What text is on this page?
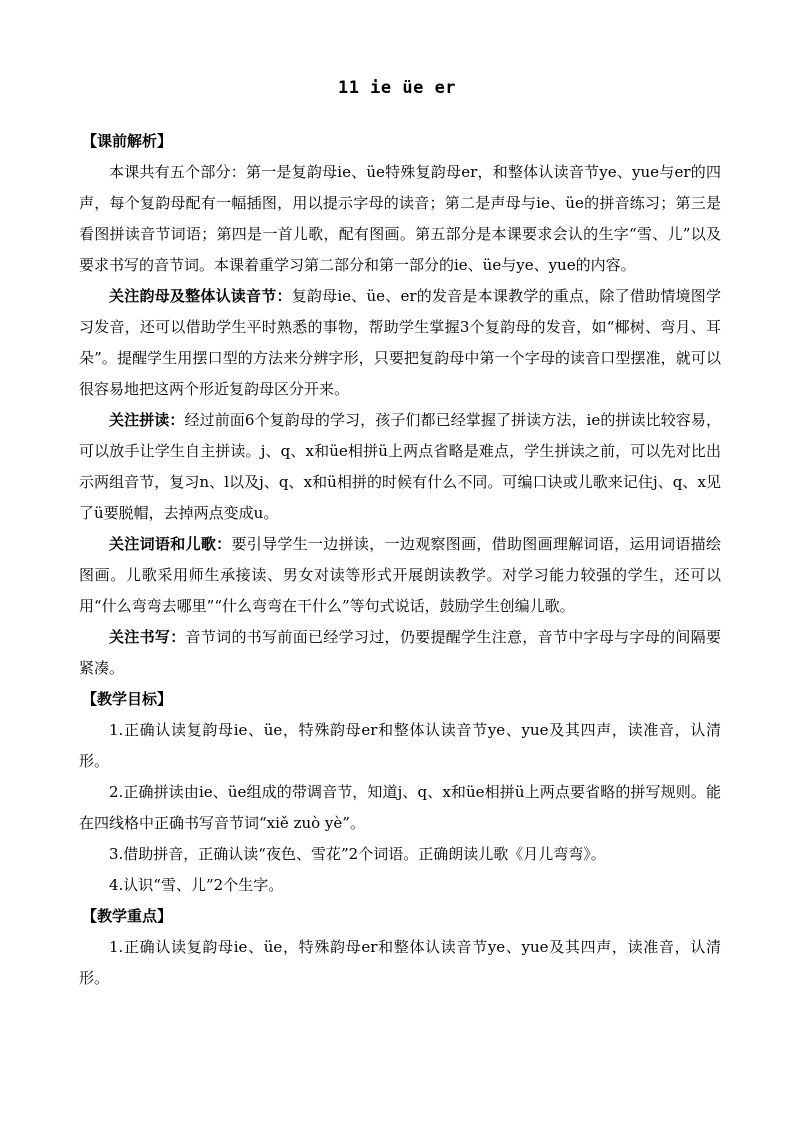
11 ie üe er

【课前解析】

本课共有五个部分：第一是复韵母ie、üe特殊复韵母er，和整体认读音节ye、yue与er的四声，每个复韵母配有一幅插图，用以提示字母的读音；第二是声母与ie、üe的拼音练习；第三是看图拼读音节词语；第四是一首儿歌，配有图画。第五部分是本课要求会认的生字“雪、儿”以及要求书写的音节词。本课着重学习第二部分和第一部分的ie、üe与ye、yue的内容。

关注韵母及整体认读音节：复韵母ie、üe、er的发音是本课教学的重点，除了借助情境图学习发音，还可以借助学生平时熟悉的事物，帮助学生掌握3个复韵母的发音，如“椰树、弯月、耳朵”。提醒学生用摆口型的方法来分辨字形，只要把复韵母中第一个字母的读音口型摆准，就可以很容易地把这两个形近复韵母区分开来。

关注拼读：经过前面6个复韵母的学习，孩子们都已经掌握了拼读方法，ie的拼读比较容易，可以放手让学生自主拼读。j、q、x和üe相拼ü上两点省略是难点，学生拼读之前，可以先对比出示两组音节，复习n、l以及j、q、x和ü相拼的时候有什么不同。可编口诀或儿歌来记住j、q、x见了ü要脱帽，去掉两点变成u。

关注词语和儿歌：要引导学生一边拼读，一边观察图画，借助图画理解词语，运用词语描绘图画。儿歌采用师生承接读、男女对读等形式开展朗读教学。对学习能力较强的学生，还可以用“什么弯弯去哪里”“什么弯弯在干什么”等句式说话，鼓励学生创编儿歌。

关注书写：音节词的书写前面已经学习过，仍要提醒学生注意，音节中字母与字母的间隔要紧凑。

【教学目标】

1.正确认读复韵母ie、üe，特殊韵母er和整体认读音节ye、yue及其四声，读准音，认清形。

2.正确拼读由ie、üe组成的带调音节，知道j、q、x和üe相拼ü上两点要省略的拼写规则。能在四线格中正确书写音节词“xiě zuò yè”。

3.借助拼音，正确认读“夜色、雪花”2个词语。正确朗读儿歌《月儿弯弯》。

4.认识“雪、儿”2个生字。

【教学重点】

1.正确认读复韵母ie、üe，特殊韵母er和整体认读音节ye、yue及其四声，读准音，认清形。
